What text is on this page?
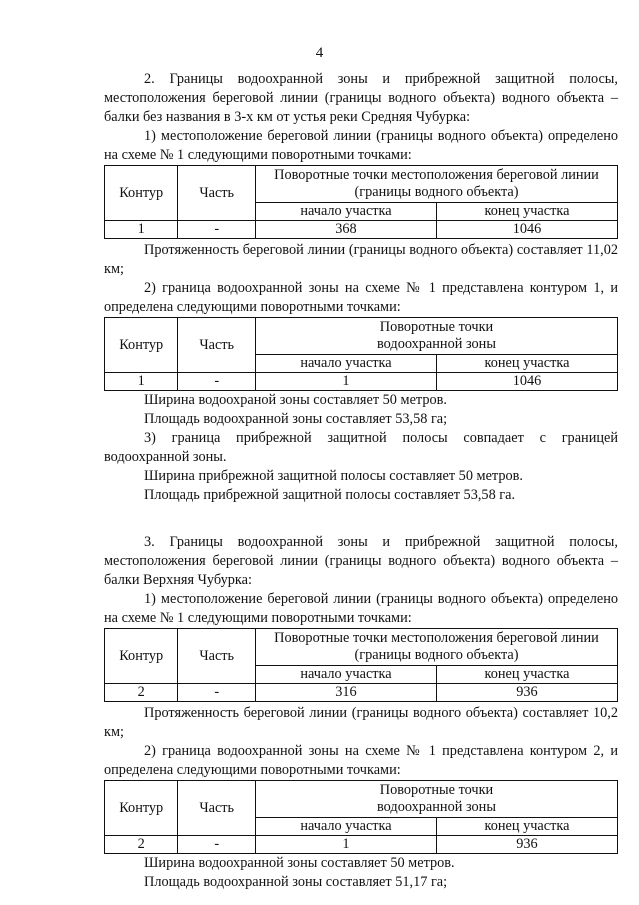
4

2. Границы водоохранной зоны и прибрежной защитной полосы, местоположения береговой линии (границы водного объекта) водного объекта – балки без названия в 3-х км от устья реки Средняя Чубурка:

1) местоположение береговой линии (границы водного объекта) определено на схеме № 1 следующими поворотными точками:

Контур	Часть	Поворотные точки местоположения береговой линии (границы водного объекта)	
		начало участка	конец участка
1	-	368	1046

Протяженность береговой линии (границы водного объекта) составляет 11,02 км;

2) граница водоохранной зоны на схеме № 1 представлена контуром 1, и определена следующими поворотными точками:

Контур	Часть	Поворотные точки водоохранной зоны	
		начало участка	конец участка
1	-	1	1046

Ширина водоохраной зоны составляет 50 метров.

Площадь водоохранной зоны составляет 53,58 га;

3) граница прибрежной защитной полосы совпадает с границей водоохранной зоны.

Ширина прибрежной защитной полосы составляет 50 метров.

Площадь прибрежной защитной полосы составляет 53,58 га.

3. Границы водоохранной зоны и прибрежной защитной полосы, местоположения береговой линии (границы водного объекта) водного объекта – балки Верхняя Чубурка:

1) местоположение береговой линии (границы водного объекта) определено на схеме № 1 следующими поворотными точками:

Контур	Часть	Поворотные точки местоположения береговой линии (границы водного объекта)	
		начало участка	конец участка
2	-	316	936

Протяженность береговой линии (границы водного объекта) составляет 10,2 км;

2) граница водоохранной зоны на схеме № 1 представлена контуром 2, и определена следующими поворотными точками:

Контур	Часть	Поворотные точки водоохранной зоны	
		начало участка	конец участка
2	-	1	936

Ширина водоохранной зоны составляет 50 метров.

Площадь водоохранной зоны составляет 51,17 га;
